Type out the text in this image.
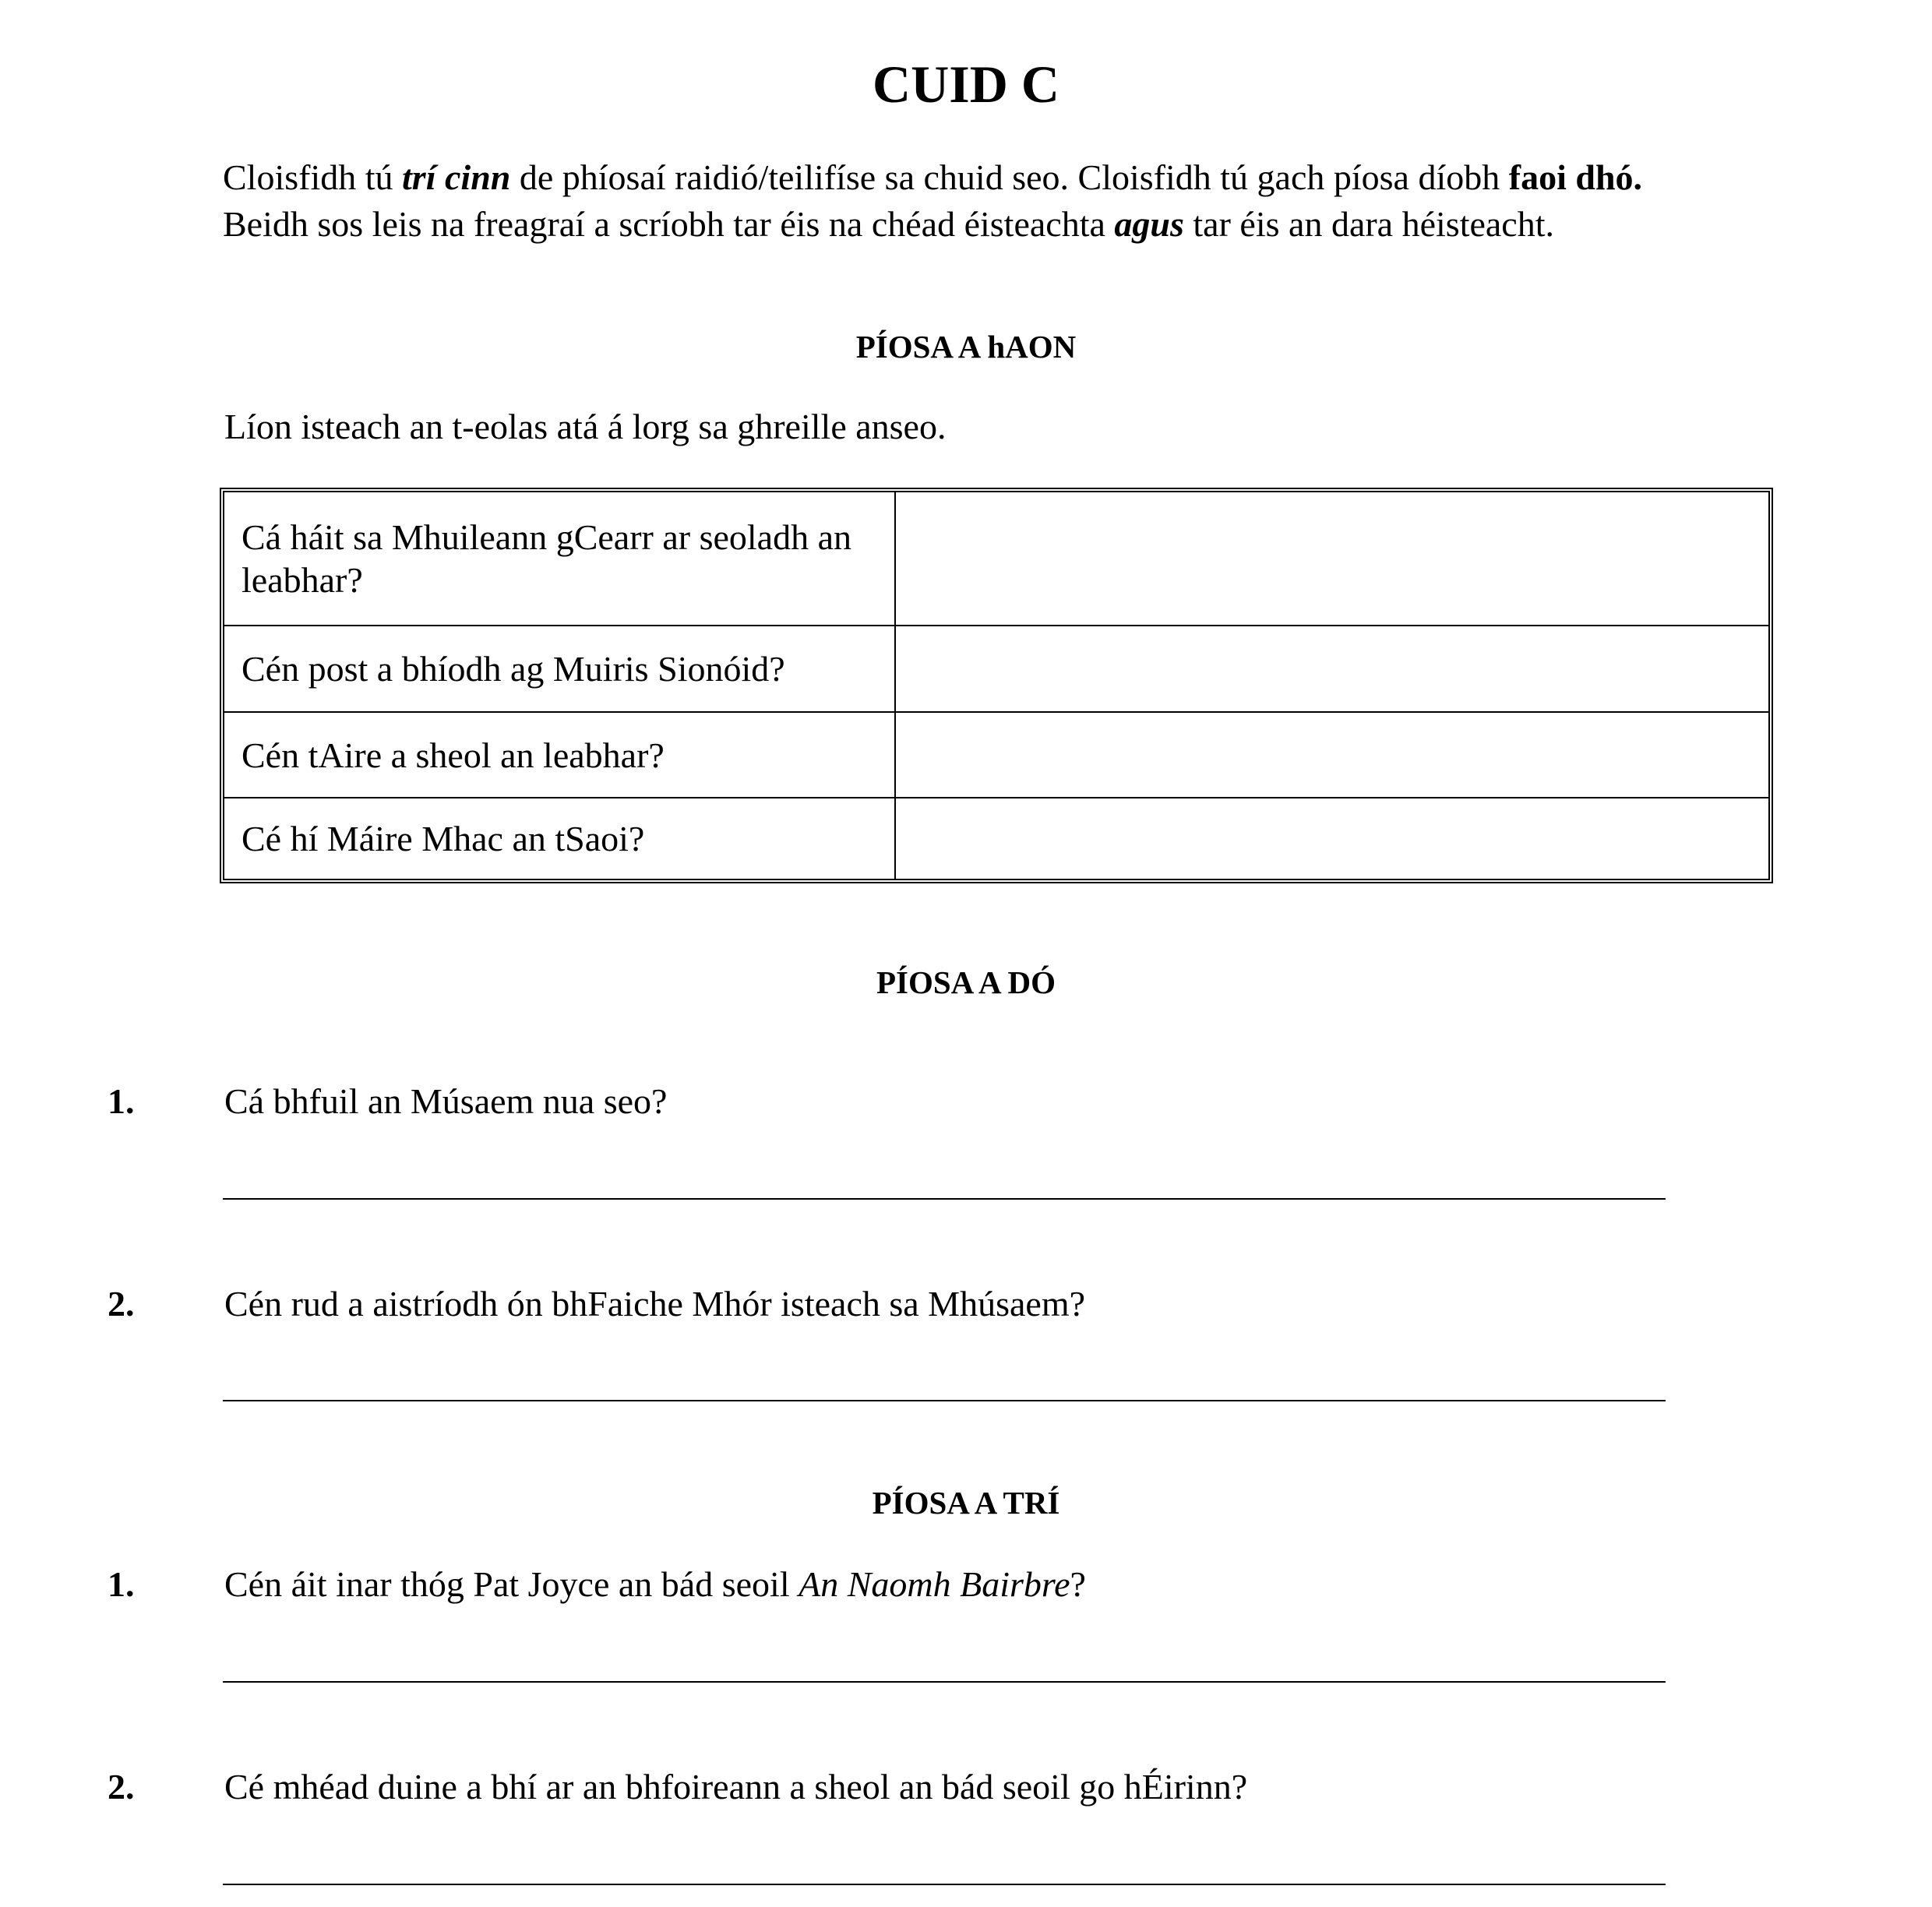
CUID C
Cloisfidh tú trí cinn de phíosaí raidió/teilifíse sa chuid seo. Cloisfidh tú gach píosa díobh faoi dhó.
Beidh sos leis na freagraí a scríobh tar éis na chéad éisteachta agus tar éis an dara héisteacht.
PÍOSA A hAON
Líon isteach an t-eolas atá á lorg sa ghreille anseo.
Cá háit sa Mhuileann gCearr ar seoladh an leabhar?
Cén post a bhíodh ag Muiris Sionóid?
Cén tAire a sheol an leabhar?
Cé hí Máire Mhac an tSaoi?
PÍOSA A DÓ
1.	Cá bhfuil an Músaem nua seo?
2.	Cén rud a aistríodh ón bhFaiche Mhór isteach sa Mhúsaem?
PÍOSA A TRÍ
1.	Cén áit inar thóg Pat Joyce an bád seoil An Naomh Bairbre?
2.	Cé mhéad duine a bhí ar an bhfoireann a sheol an bád seoil go hÉirinn?
